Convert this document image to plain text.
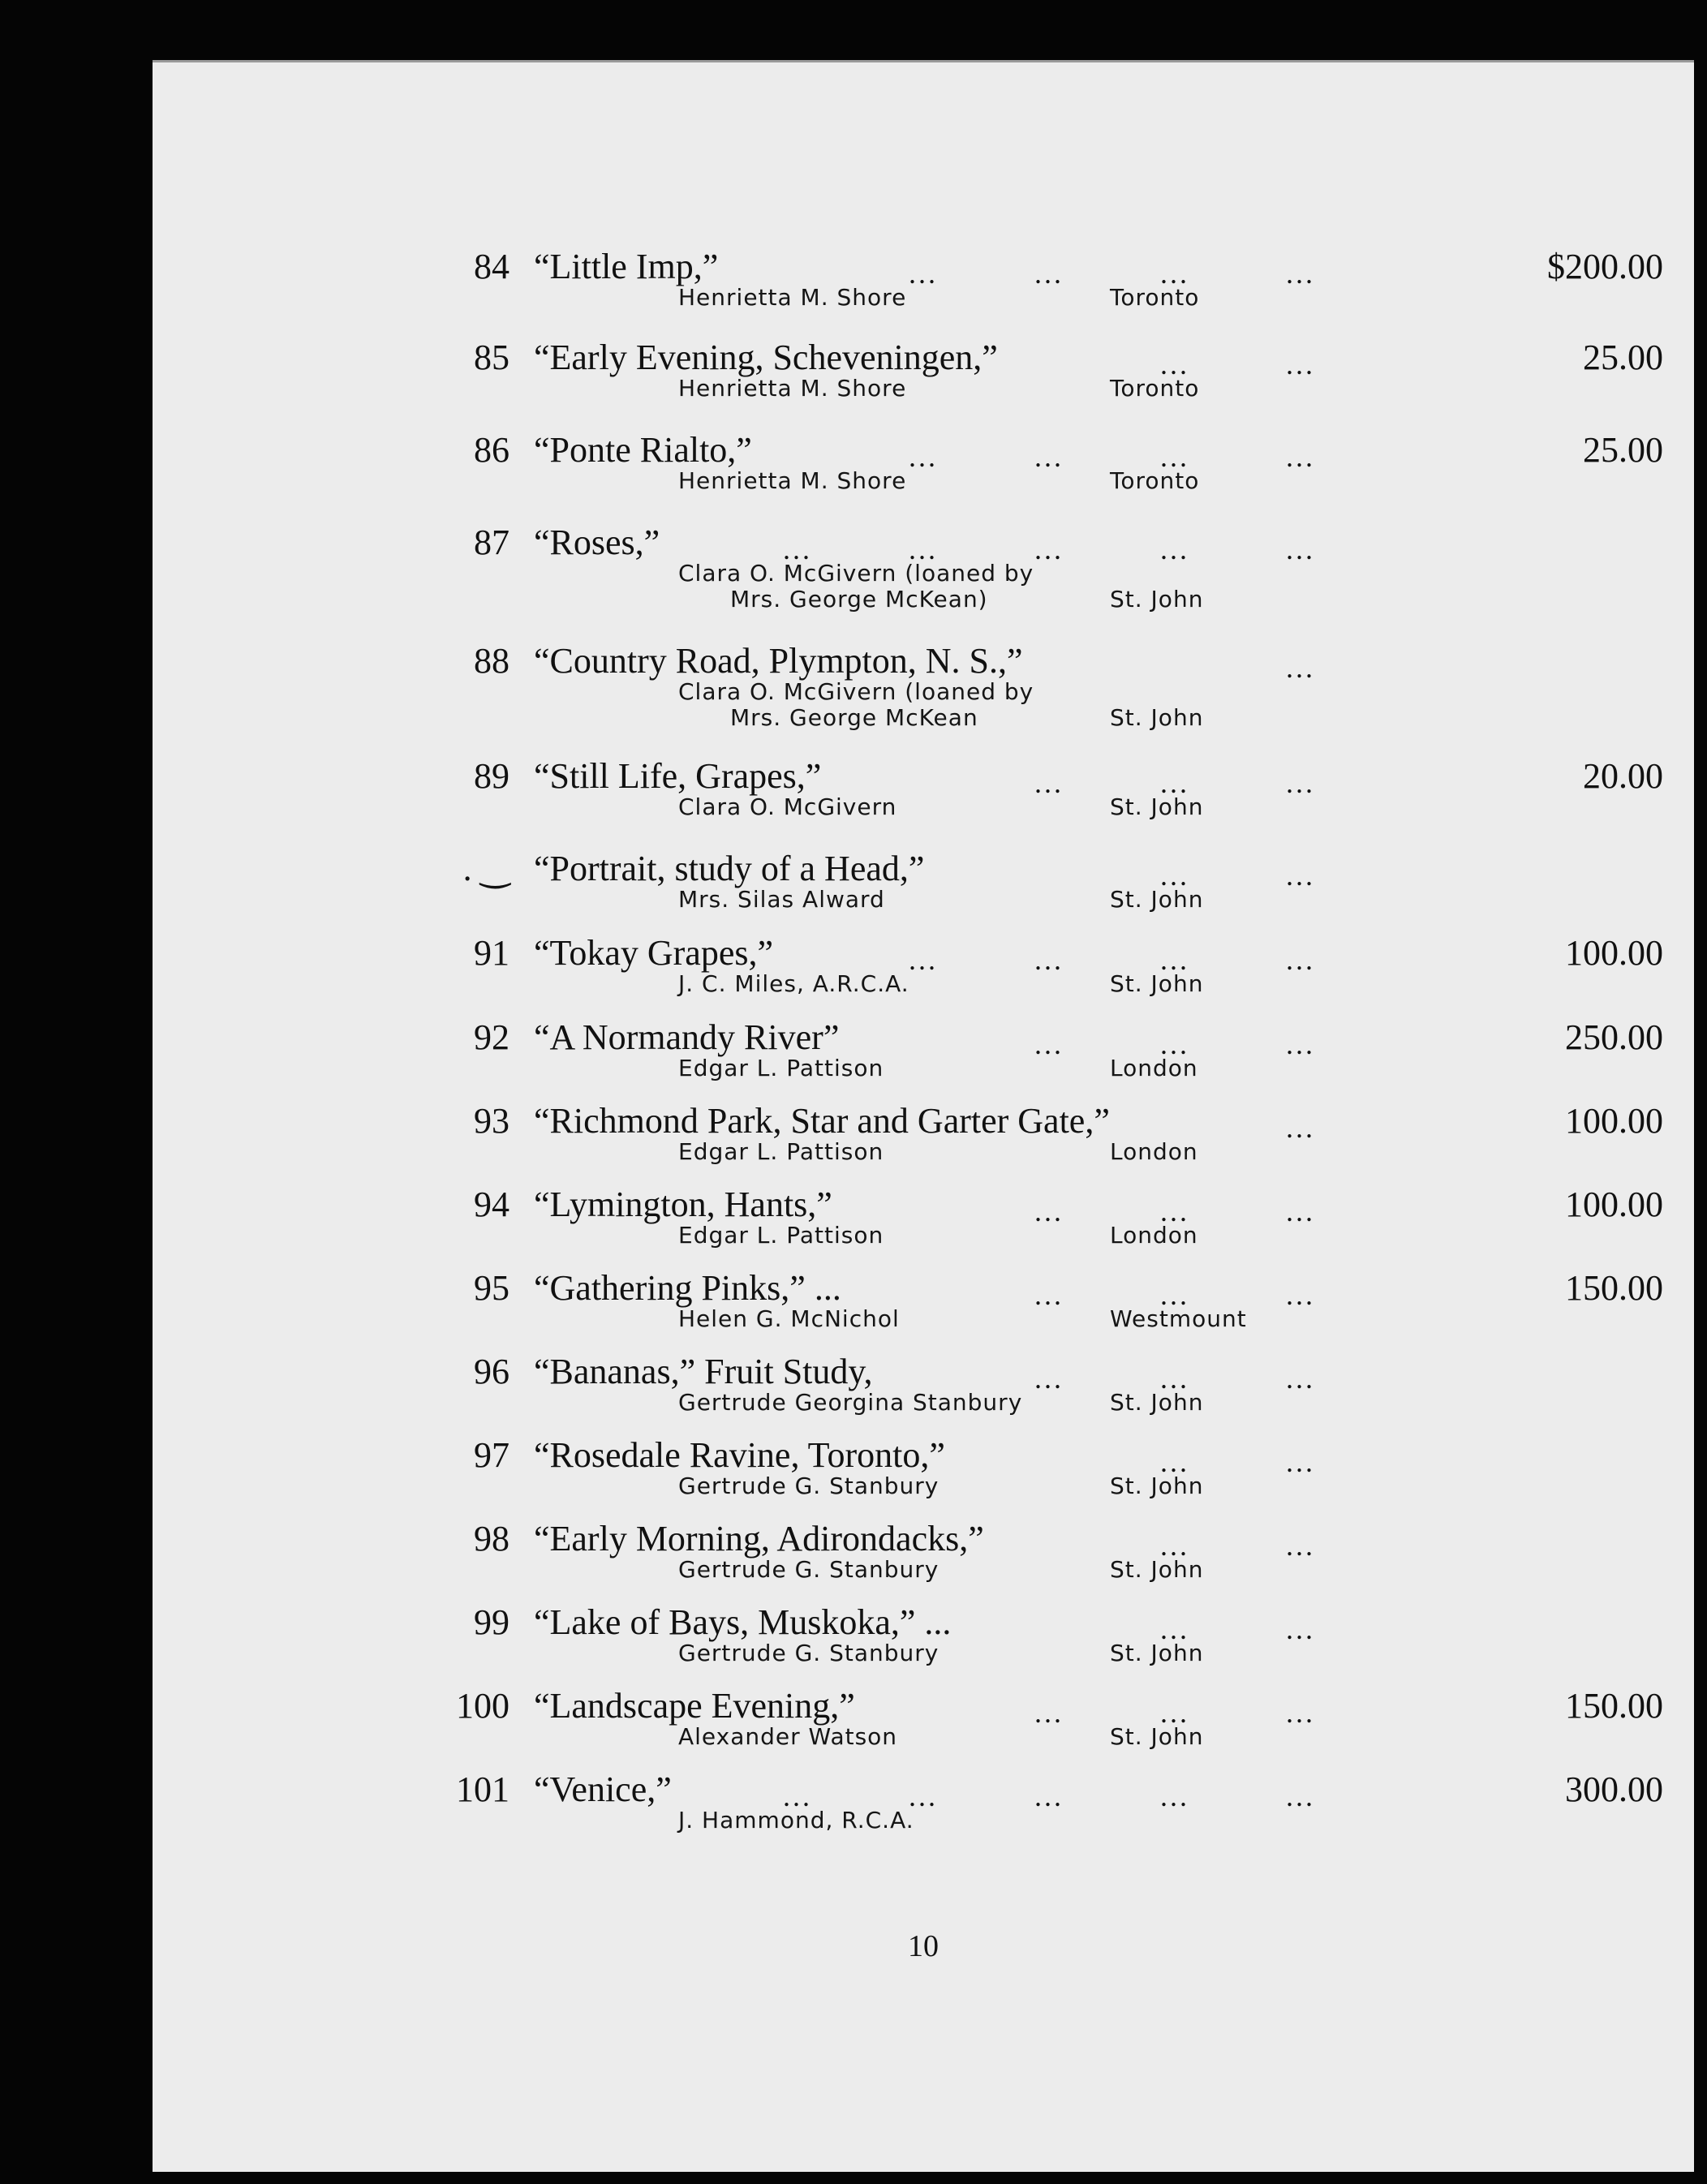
84 “Little Imp,”	$200.00
Henrietta M. Shore	Toronto
...	...	...	...
85 “Early Evening, Scheveningen,”	25.00
Henrietta M. Shore	Toronto
...	...
86 “Ponte Rialto,”	25.00
Henrietta M. Shore	Toronto
...	...	...	...
87 “Roses,”
Clara O. McGivern (loaned by
Mrs. George McKean)	St. John
...	...	...	...	...
88 “Country Road, Plympton, N. S.,”
Clara O. McGivern (loaned by
Mrs. George McKean	St. John
...
89 “Still Life, Grapes,”	20.00
Clara O. McGivern	St. John
...	...	...
. ‿ “Portrait, study of a Head,”
Mrs. Silas Alward	St. John
...	...
91 “Tokay Grapes,”	100.00
J. C. Miles, A.R.C.A.	St. John
...	...	...	...
92 “A Normandy River”	250.00
Edgar L. Pattison	London
...	...	...
93 “Richmond Park, Star and Garter Gate,”	100.00
Edgar L. Pattison	London
...
94 “Lymington, Hants,”	100.00
Edgar L. Pattison	London
...	...	...
95 “Gathering Pinks,” ...	150.00
Helen G. McNichol	Westmount
...	...	...
96 “Bananas,” Fruit Study,
Gertrude Georgina Stanbury	St. John
...	...	...
97 “Rosedale Ravine, Toronto,”
Gertrude G. Stanbury	St. John
...	...
98 “Early Morning, Adirondacks,”
Gertrude G. Stanbury	St. John
...	...
99 “Lake of Bays, Muskoka,” ...
Gertrude G. Stanbury	St. John
...	...
100 “Landscape Evening,”	150.00
Alexander Watson	St. John
...	...	...
101 “Venice,”	300.00
J. Hammond, R.C.A.
...	...	...	...	...
10
